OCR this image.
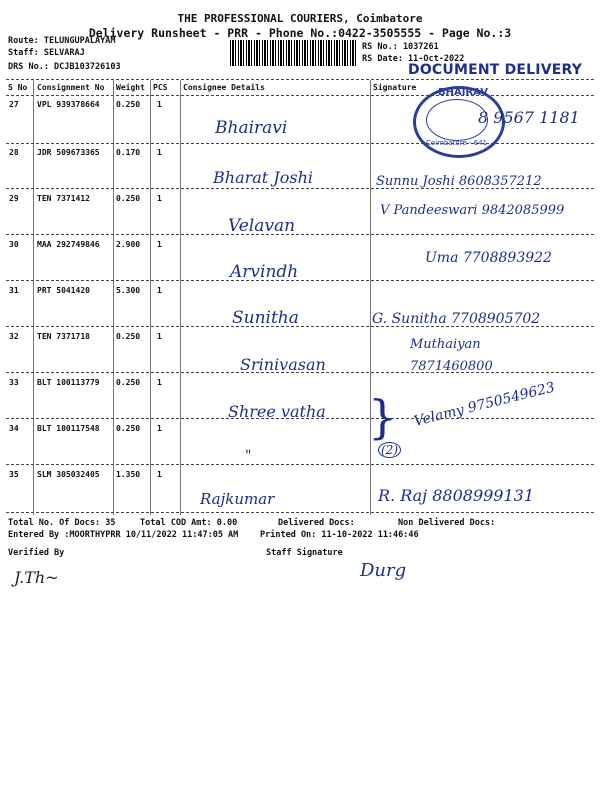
THE PROFESSIONAL COURIERS, Coimbatore
Delivery Runsheet - PRR - Phone No.:0422-3505555 - Page No.:3
Route: TELUNGUPALAYAM
Staff: SELVARAJ
DRS No.: DCJB103726103
RS No.: 1037261
RS Date: 11-Oct-2022
DOCUMENT DELIVERY
BHAIRAV
Coimbatore - 641
S No Consignment No Weight PCS Consignee Details	Signature
27 VPL 939378664 0.250 1
Bhairavi
8 9567 1181
28 JDR 509673365 0.170 1
Bharat Joshi	Sunnu Joshi 8608357212
29 TEN 7371412	0.250 1
Velavan
V Pandeeswari 9842085999
30 MAA 292749846 2.900 1
Arvindh
Uma 7708893922
31 PRT 5041420	5.300 1
Sunitha	G. Sunitha 7708905702
32 TEN 7371718	0.250 1
Srinivasan
Muthaiyan 7871460800
33 BLT 100113779 0.250 1
Shree vatha	Velamy 9750549623
}
34 BLT 100117548 0.250 1
"	(2)
35 SLM 305032405 1.350 1
Rajkumar	R. Raj 8808999131
Total No. Of Docs: 35	Total COD Amt: 0.00	Delivered Docs:	Non Delivered Docs:
Entered By :MOORTHYPRR 10/11/2022 11:47:05 AM	Printed On: 11-10-2022 11:46:46
Verified By	Staff Signature
J.Th~	Durg
